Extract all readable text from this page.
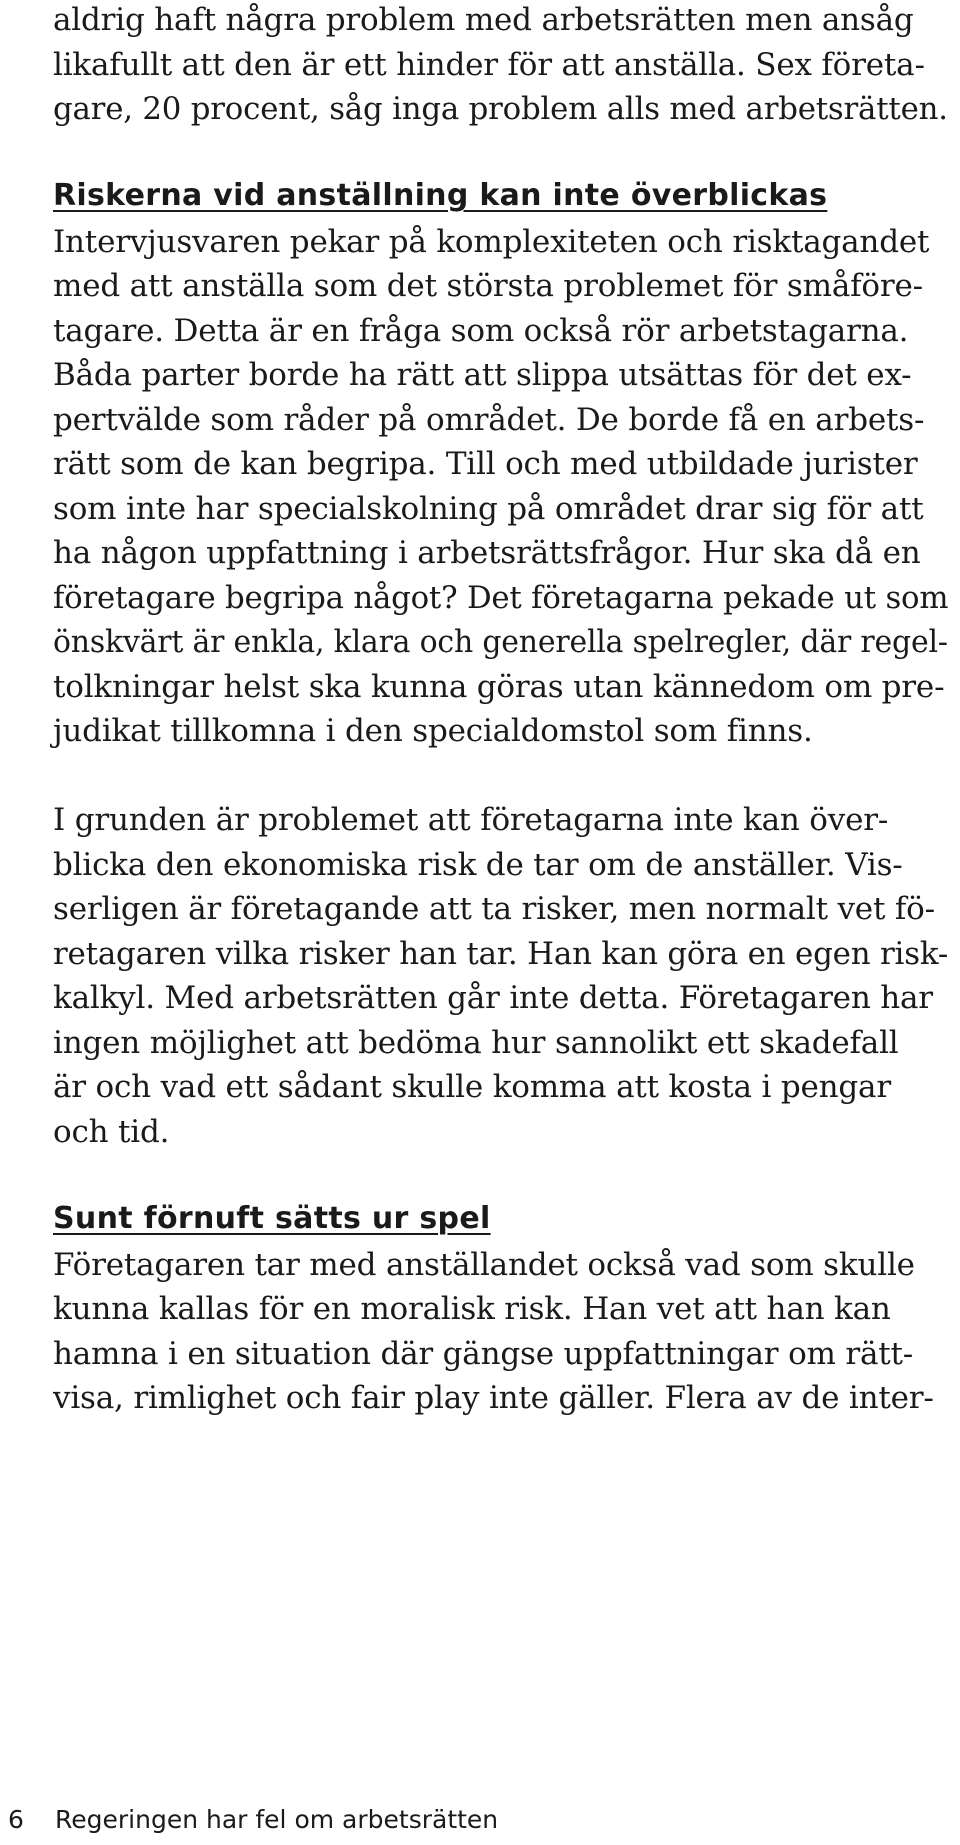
aldrig haft några problem med arbetsrätten men ansåg

likafullt att den är ett hinder för att anställa. Sex företa-

gare, 20 procent, såg inga problem alls med arbetsrätten.

Riskerna vid anställning kan inte överblickas

Intervjusvaren pekar på komplexiteten och risktagandet

med att anställa som det största problemet för småföre-

tagare. Detta är en fråga som också rör arbetstagarna.

Båda parter borde ha rätt att slippa utsättas för det ex-

pertvälde som råder på området. De borde få en arbets-

rätt som de kan begripa. Till och med utbildade jurister

som inte har specialskolning på området drar sig för att

ha någon uppfattning i arbetsrättsfrågor. Hur ska då en

företagare begripa något? Det företagarna pekade ut som

önskvärt är enkla, klara och generella spelregler, där regel-

tolkningar helst ska kunna göras utan kännedom om pre-

judikat tillkomna i den specialdomstol som finns.

I grunden är problemet att företagarna inte kan över-

blicka den ekonomiska risk de tar om de anställer. Vis-

serligen är företagande att ta risker, men normalt vet fö-

retagaren vilka risker han tar. Han kan göra en egen risk-

kalkyl. Med arbetsrätten går inte detta. Företagaren har

ingen möjlighet att bedöma hur sannolikt ett skadefall

är och vad ett sådant skulle komma att kosta i pengar

och tid.

Sunt förnuft sätts ur spel

Företagaren tar med anställandet också vad som skulle

kunna kallas för en moralisk risk. Han vet att han kan

hamna i en situation där gängse uppfattningar om rätt-

visa, rimlighet och fair play inte gäller. Flera av de inter-

6 Regeringen har fel om arbetsrätten
